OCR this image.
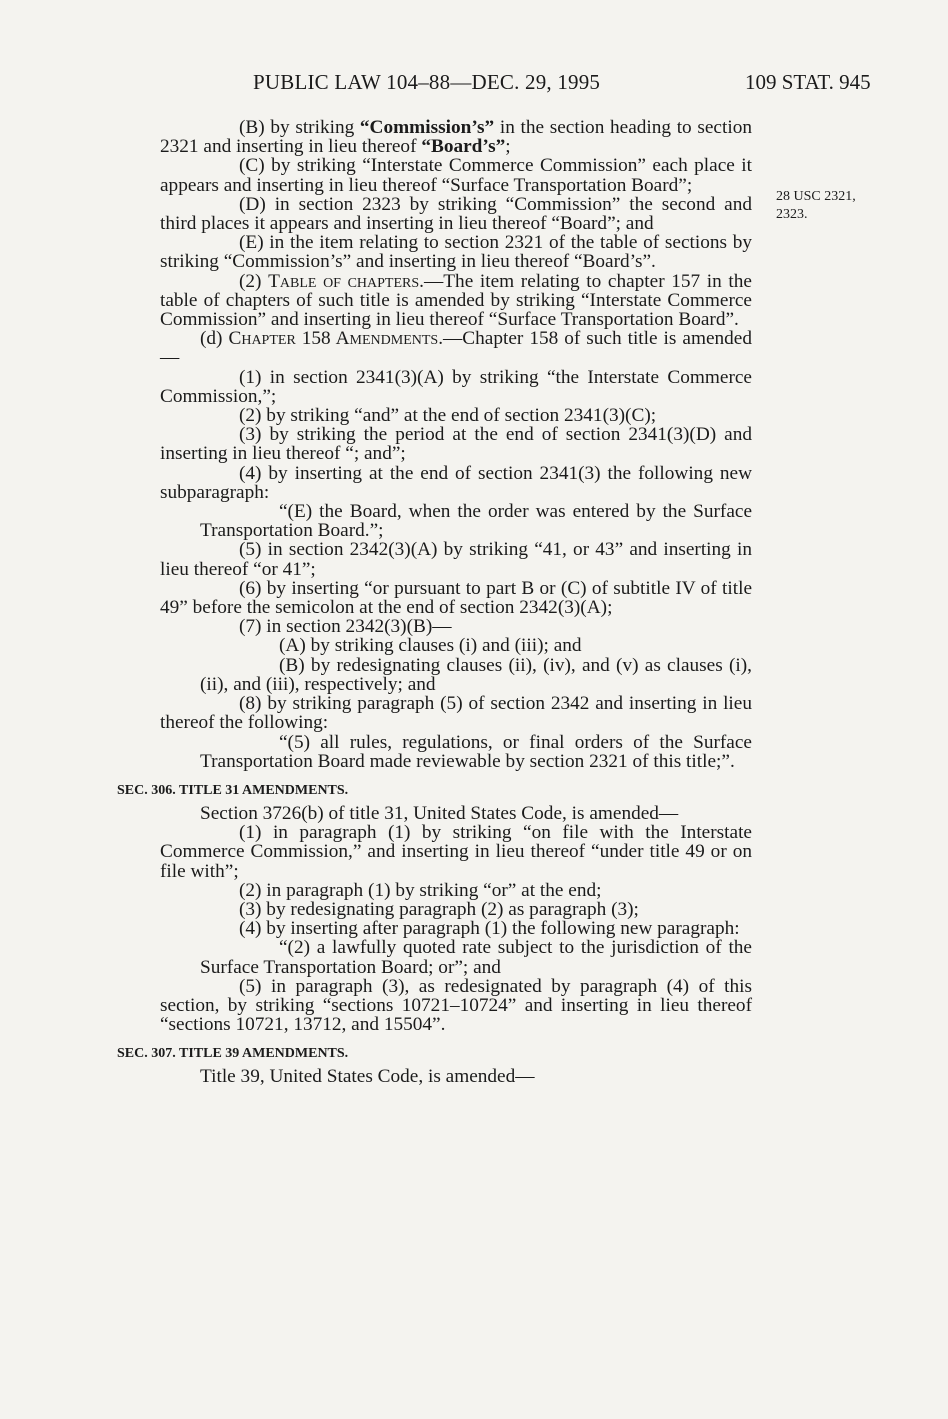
PUBLIC LAW 104–88—DEC. 29, 1995	109 STAT. 945
28 USC 2321,
2323.

(B) by striking “Commission’s” in the section heading to section 2321 and inserting in lieu thereof “Board’s”;

(C) by striking “Interstate Commerce Commission” each place it appears and inserting in lieu thereof “Surface Transportation Board”;

(D) in section 2323 by striking “Commission” the second and third places it appears and inserting in lieu thereof “Board”; and

(E) in the item relating to section 2321 of the table of sections by striking “Commission’s” and inserting in lieu thereof “Board’s”.

(2) Table of chapters.—The item relating to chapter 157 in the table of chapters of such title is amended by striking “Interstate Commerce Commission” and inserting in lieu thereof “Surface Transportation Board”.

(d) Chapter 158 Amendments.—Chapter 158 of such title is amended—

(1) in section 2341(3)(A) by striking “the Interstate Commerce Commission,”;

(2) by striking “and” at the end of section 2341(3)(C);

(3) by striking the period at the end of section 2341(3)(D) and inserting in lieu thereof “; and”;

(4) by inserting at the end of section 2341(3) the following new subparagraph:

“(E) the Board, when the order was entered by the Surface Transportation Board.”;

(5) in section 2342(3)(A) by striking “41, or 43” and inserting in lieu thereof “or 41”;

(6) by inserting “or pursuant to part B or (C) of subtitle IV of title 49” before the semicolon at the end of section 2342(3)(A);

(7) in section 2342(3)(B)—

(A) by striking clauses (i) and (iii); and

(B) by redesignating clauses (ii), (iv), and (v) as clauses (i), (ii), and (iii), respectively; and

(8) by striking paragraph (5) of section 2342 and inserting in lieu thereof the following:

“(5) all rules, regulations, or final orders of the Surface Transportation Board made reviewable by section 2321 of this title;”.

SEC. 306. TITLE 31 AMENDMENTS.

Section 3726(b) of title 31, United States Code, is amended—

(1) in paragraph (1) by striking “on file with the Interstate Commerce Commission,” and inserting in lieu thereof “under title 49 or on file with”;

(2) in paragraph (1) by striking “or” at the end;

(3) by redesignating paragraph (2) as paragraph (3);

(4) by inserting after paragraph (1) the following new paragraph:

“(2) a lawfully quoted rate subject to the jurisdiction of the Surface Transportation Board; or”; and

(5) in paragraph (3), as redesignated by paragraph (4) of this section, by striking “sections 10721–10724” and inserting in lieu thereof “sections 10721, 13712, and 15504”.

SEC. 307. TITLE 39 AMENDMENTS.

Title 39, United States Code, is amended—
